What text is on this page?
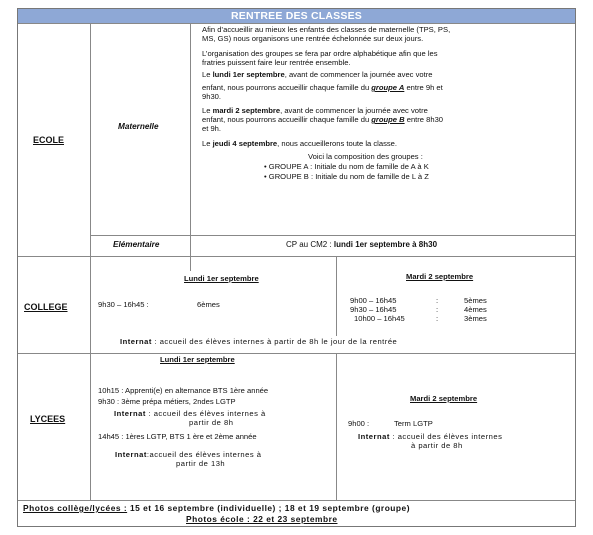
RENTREE DES CLASSES
ECOLE
Maternelle
Afin d’accueillir au mieux les enfants des classes de maternelle (TPS, PS,
MS, GS) nous organisons une rentrée échelonnée sur deux jours.
L’organisation des groupes se fera par ordre alphabétique afin que les
fratries puissent faire leur rentrée ensemble.
Le lundi 1er septembre, avant de commencer la journée avec votre
enfant, nous pourrons accueillir chaque famille du groupe A entre 9h et
9h30.
Le mardi 2 septembre, avant de commencer la journée avec votre
enfant, nous pourrons accueillir chaque famille du groupe B entre 8h30
et 9h.
Le jeudi 4 septembre, nous accueillerons toute la classe.
Voici la composition des groupes :
• GROUPE A : Initiale du nom de famille de A à K
• GROUPE B : Initiale du nom de famille de L à Z
Elémentaire	CP au CM2 : lundi 1er septembre à 8h30
COLLEGE
Lundi 1er septembre
9h30 – 16h45 :	6èmes
Mardi 2 septembre
9h00 – 16h45	:	5èmes
9h30 – 16h45	:	4èmes
10h00 – 16h45	:	3èmes
Internat : accueil des élèves internes à partir de 8h le jour de la rentrée
LYCEES
Lundi 1er septembre
10h15 : Apprenti(e) en alternance BTS 1ère année
9h30 : 3ème prépa métiers, 2ndes LGTP
Internat : accueil des élèves internes à
partir de 8h
14h45 : 1ères LGTP, BTS 1 ère et 2ème année
Internat:accueil des élèves internes à
partir de 13h
Mardi 2 septembre
9h00 :	Term LGTP
Internat : accueil des élèves internes
à partir de 8h
Photos collège/lycées : 15 et 16 septembre (individuelle) ; 18 et 19 septembre (groupe)
Photos école : 22 et 23 septembre
